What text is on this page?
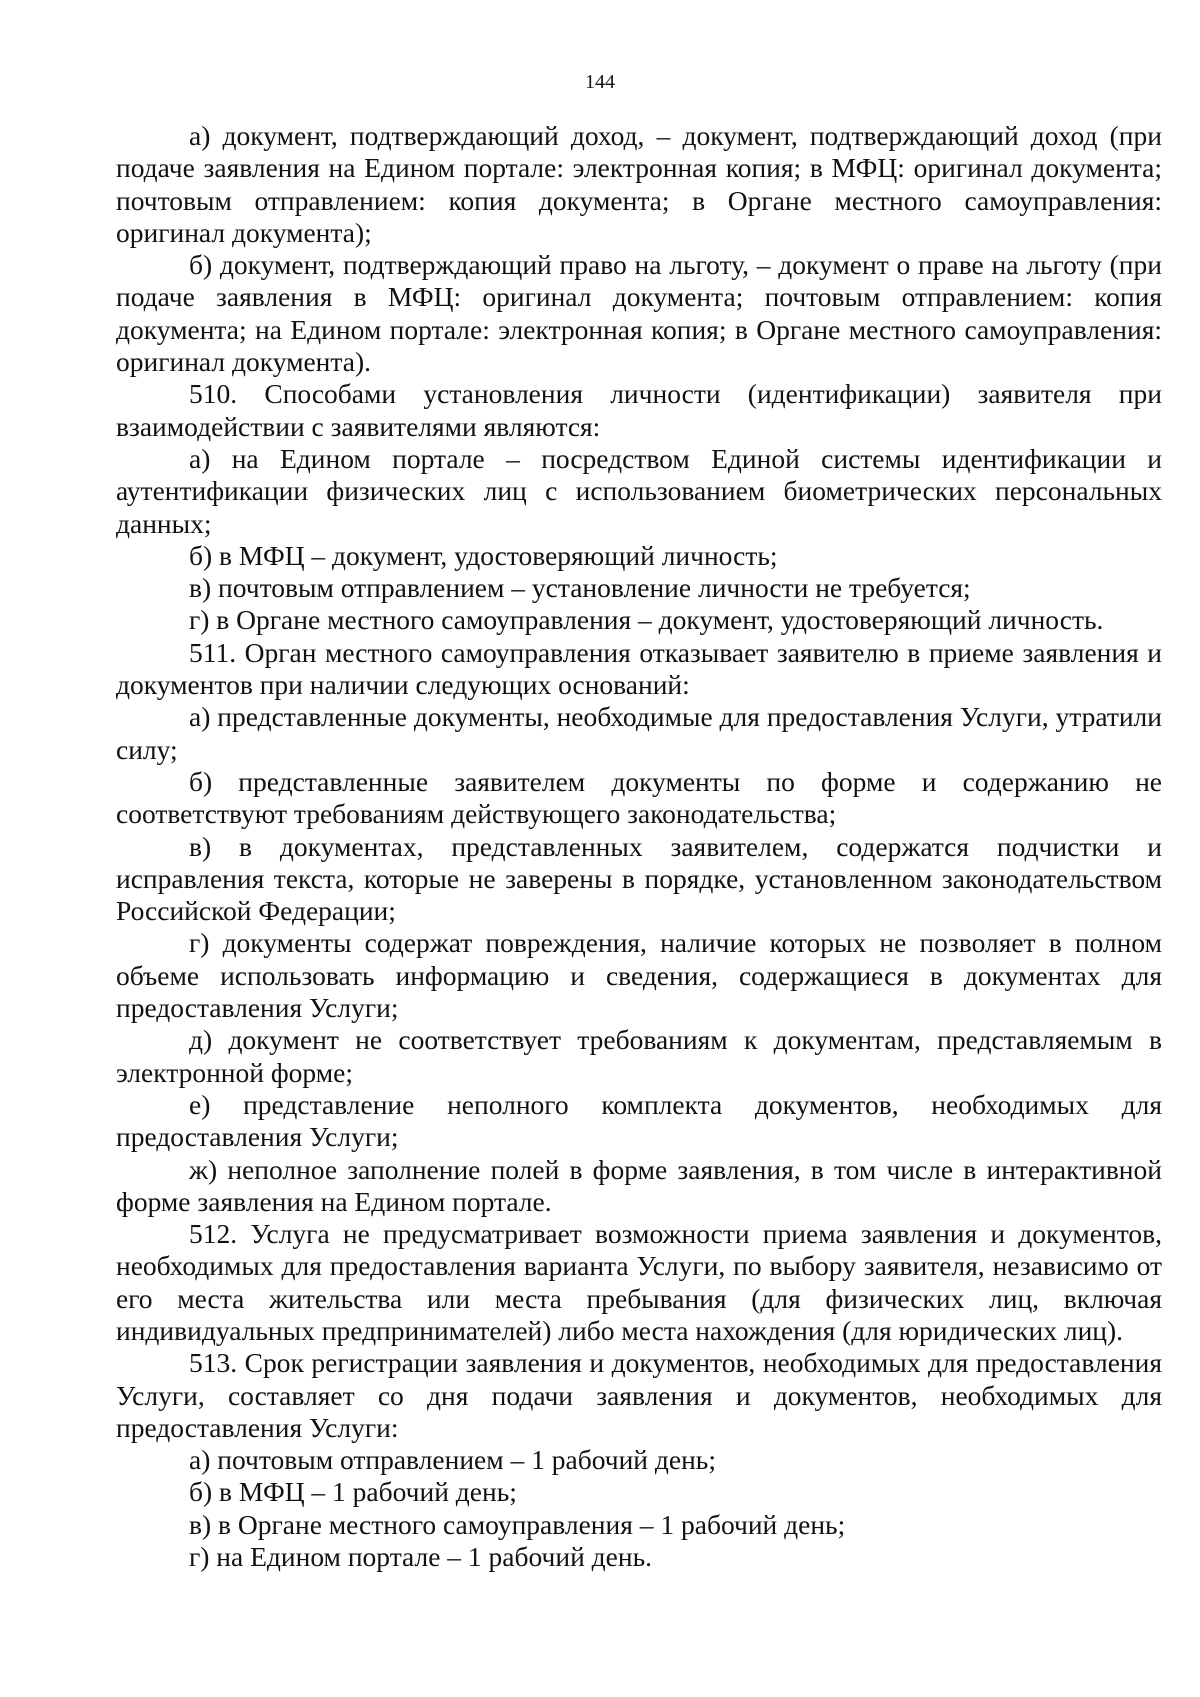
144

а) документ, подтверждающий доход, – документ, подтверждающий доход (при подаче заявления на Едином портале: электронная копия; в МФЦ: оригинал документа; почтовым отправлением: копия документа; в Органе местного самоуправления: оригинал документа);

б) документ, подтверждающий право на льготу, – документ о праве на льготу (при подаче заявления в МФЦ: оригинал документа; почтовым отправлением: копия документа; на Едином портале: электронная копия; в Органе местного самоуправления: оригинал документа).

510. Способами установления личности (идентификации) заявителя при взаимодействии с заявителями являются:

а) на Едином портале – посредством Единой системы идентификации и аутентификации физических лиц с использованием биометрических персональных данных;

б) в МФЦ – документ, удостоверяющий личность;

в) почтовым отправлением – установление личности не требуется;

г) в Органе местного самоуправления – документ, удостоверяющий личность.

511. Орган местного самоуправления отказывает заявителю в приеме заявления и документов при наличии следующих оснований:

а) представленные документы, необходимые для предоставления Услуги, утратили силу;

б) представленные заявителем документы по форме и содержанию не соответствуют требованиям действующего законодательства;

в) в документах, представленных заявителем, содержатся подчистки и исправления текста, которые не заверены в порядке, установленном законодательством Российской Федерации;

г) документы содержат повреждения, наличие которых не позволяет в полном объеме использовать информацию и сведения, содержащиеся в документах для предоставления Услуги;

д) документ не соответствует требованиям к документам, представляемым в электронной форме;

е) представление неполного комплекта документов, необходимых для предоставления Услуги;

ж) неполное заполнение полей в форме заявления, в том числе в интерактивной форме заявления на Едином портале.

512. Услуга не предусматривает возможности приема заявления и документов, необходимых для предоставления варианта Услуги, по выбору заявителя, независимо от его места жительства или места пребывания (для физических лиц, включая индивидуальных предпринимателей) либо места нахождения (для юридических лиц).

513. Срок регистрации заявления и документов, необходимых для предоставления Услуги, составляет со дня подачи заявления и документов, необходимых для предоставления Услуги:

а) почтовым отправлением – 1 рабочий день;

б) в МФЦ – 1 рабочий день;

в) в Органе местного самоуправления – 1 рабочий день;

г) на Едином портале – 1 рабочий день.
